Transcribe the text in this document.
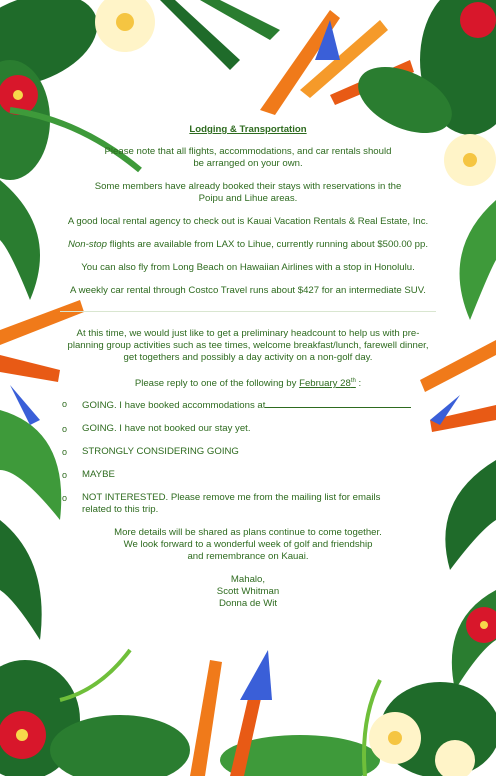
Lodging & Transportation

Please note that all flights, accommodations, and car rentals should

be arranged on your own.

Some members have already booked their stays with reservations in the

Poipu and Lihue areas.

A good local rental agency to check out is Kauai Vacation Rentals & Real Estate, Inc.

Non-stop flights are available from LAX to Lihue, currently running about $500.00 pp.

You can also fly from Long Beach on Hawaiian Airlines with a stop in Honolulu.

A weekly car rental through Costco Travel runs about $427 for an intermediate SUV.

At this time, we would just like to get a preliminary headcount to help us with pre-

planning group activities such as tee times, welcome breakfast/lunch, farewell dinner,

get togethers and possibly a day activity on a non-golf day.

Please reply to one of the following by February 28th :

o GOING. I have booked accommodations at
o GOING. I have not booked our stay yet.
o STRONGLY CONSIDERING GOING
o MAYBE
o NOT INTERESTED. Please remove me from the mailing list for emails
related to this trip.

More details will be shared as plans continue to come together.

We look forward to a wonderful week of golf and friendship

and remembrance on Kauai.

Mahalo,

Scott Whitman

Donna de Wit
